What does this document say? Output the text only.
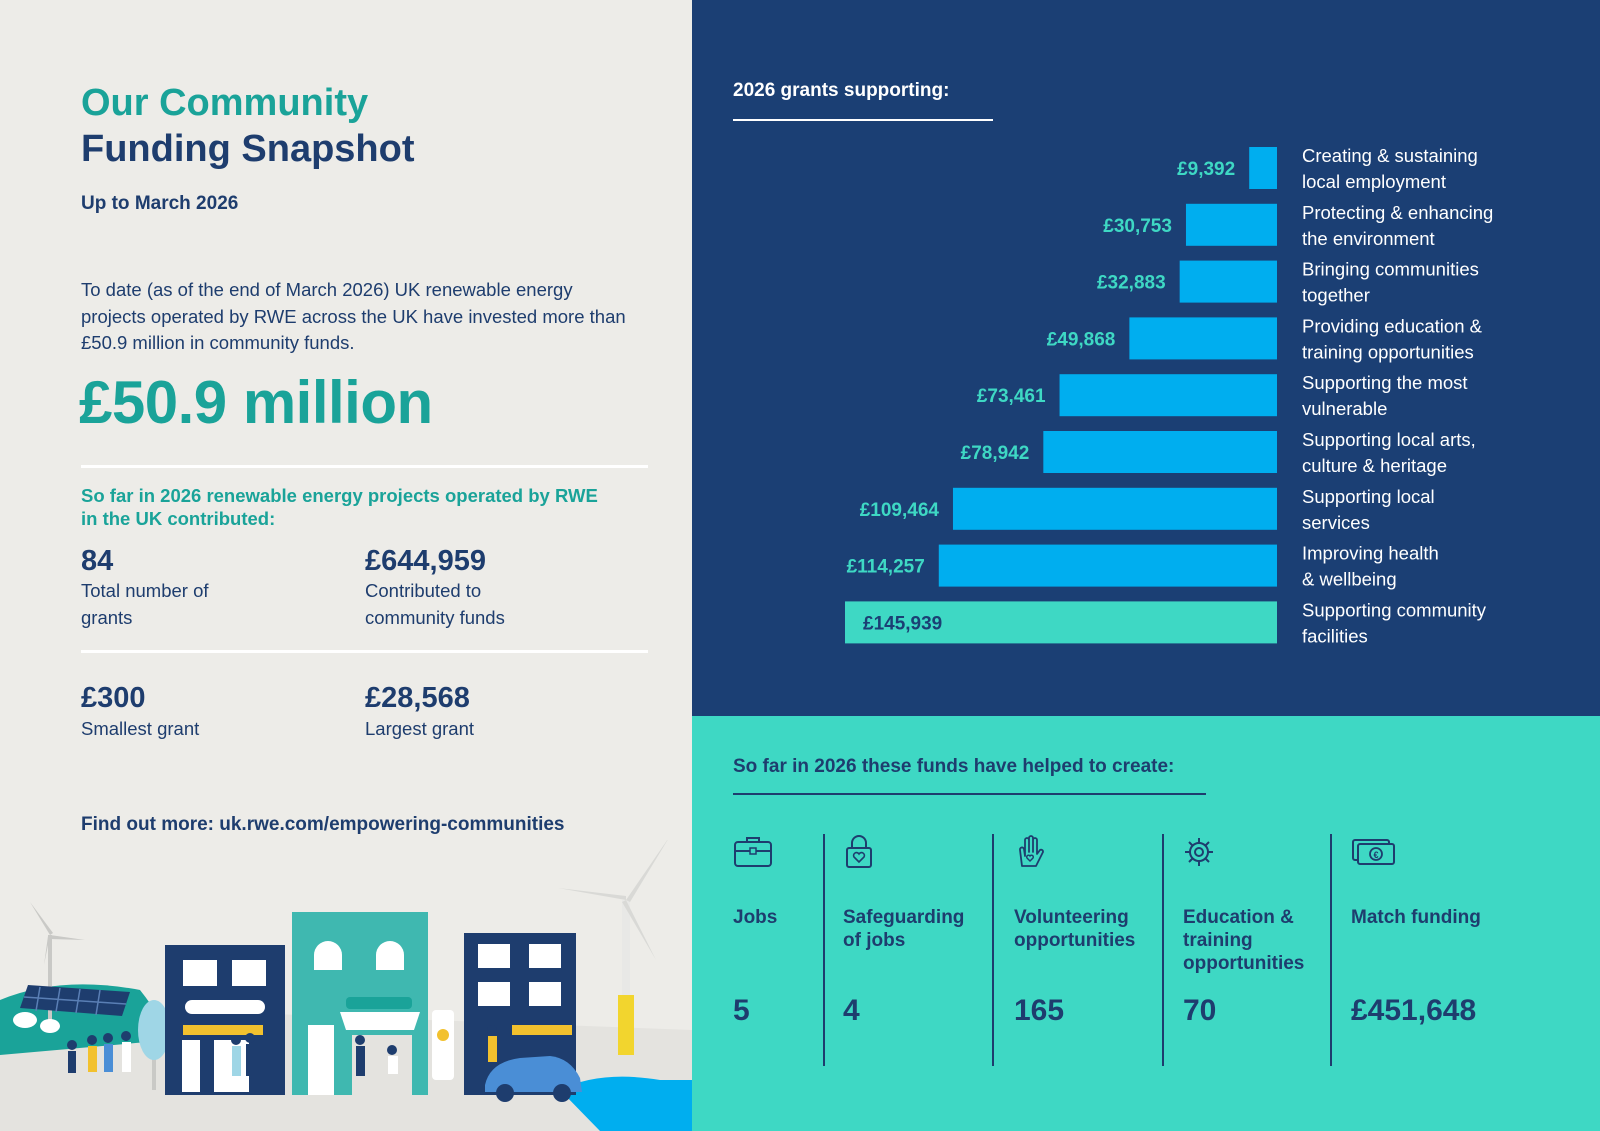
Our Community
Funding Snapshot
Up to March 2026
To date (as of the end of March 2026) UK renewable energy projects operated by RWE across the UK have invested more than £50.9 million in community funds.
£50.9 million
So far in 2026 renewable energy projects operated by RWE in the UK contributed:
84
Total number of grants
£644,959
Contributed to community funds
£300
Smallest grant
£28,568
Largest grant
Find out more: uk.rwe.com/empowering-communities
2026 grants supporting:
£9,392
Creating & sustaining local employment
£30,753
Protecting & enhancing the environment
£32,883
Bringing communities together
£49,868
Providing education & training opportunities
£73,461
Supporting the most vulnerable
£78,942
Supporting local arts, culture & heritage
£109,464
Supporting local services
£114,257
Improving health & wellbeing
£145,939
Supporting community facilities
So far in 2026 these funds have helped to create:
Jobs
5
Safeguarding of jobs
4
Volunteering opportunities
165
Education & training opportunities
70
€
Match funding
£451,648
